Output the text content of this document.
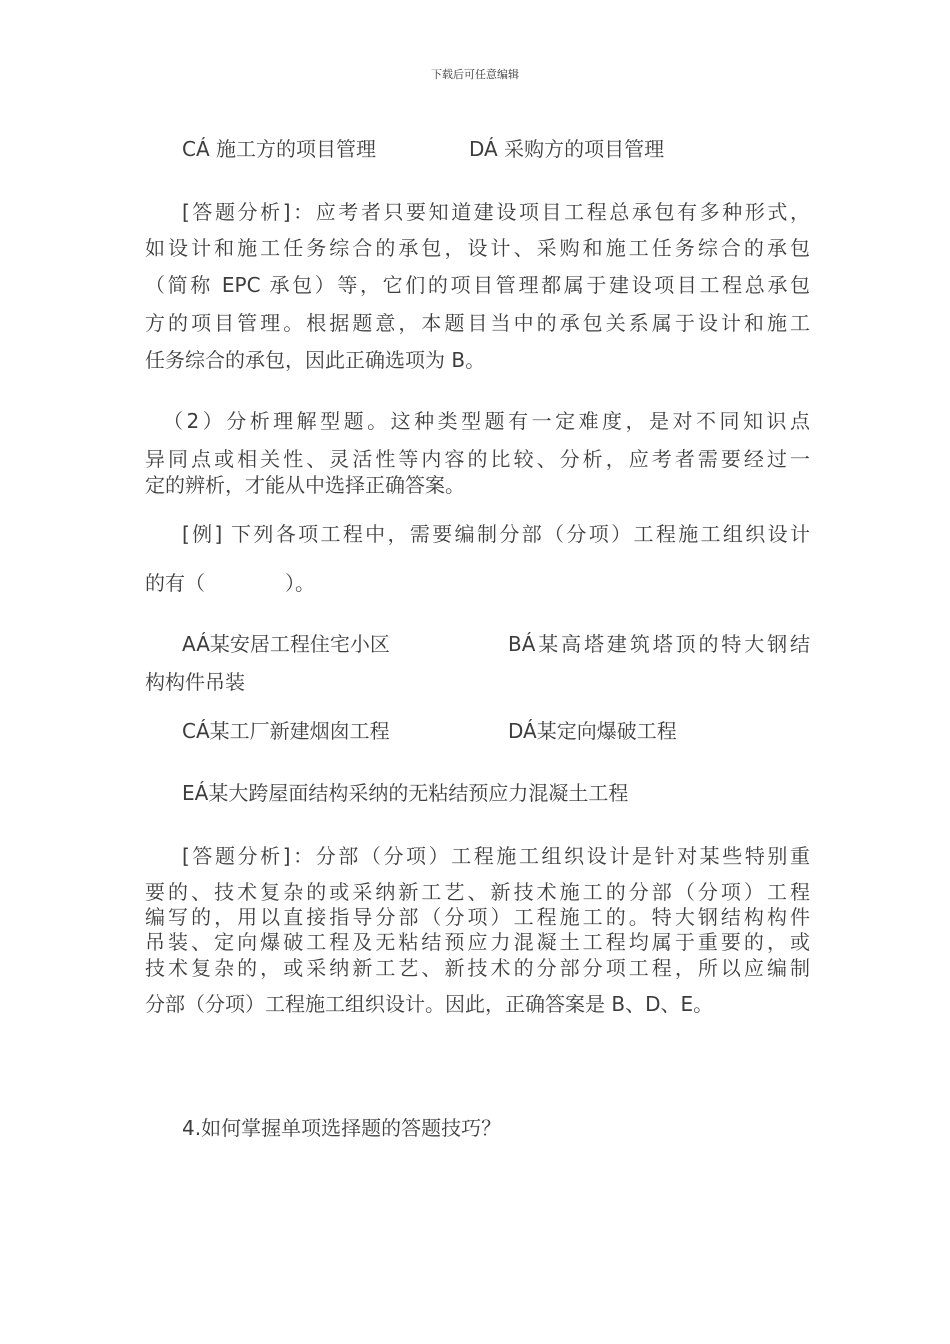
下载后可任意编辑
CÁ 施工方的项目管理	DÁ 采购方的项目管理
[答题分析]：应考者只要知道建设项目工程总承包有多种形式，
如设计和施工任务综合的承包，设计、采购和施工任务综合的承包
（简称 EPC 承包）等，它们的项目管理都属于建设项目工程总承包
方的项目管理。根据题意，本题目当中的承包关系属于设计和施工
任务综合的承包，因此正确选项为 B。
（2）分析理解型题。这种类型题有一定难度，是对不同知识点
异同点或相关性、灵活性等内容的比较、分析，应考者需要经过一
定的辨析，才能从中选择正确答案。
[例] 下列各项工程中，需要编制分部（分项）工程施工组织设计
的有（　　　　）。
AÁ某安居工程住宅小区	BÁ某高塔建筑塔顶的特大钢结
构构件吊装
CÁ某工厂新建烟囱工程	DÁ某定向爆破工程
EÁ某大跨屋面结构采纳的无粘结预应力混凝土工程
[答题分析]：分部（分项）工程施工组织设计是针对某些特别重
要的、技术复杂的或采纳新工艺、新技术施工的分部（分项）工程
编写的，用以直接指导分部（分项）工程施工的。特大钢结构构件
吊装、定向爆破工程及无粘结预应力混凝土工程均属于重要的，或
技术复杂的，或采纳新工艺、新技术的分部分项工程，所以应编制
分部（分项）工程施工组织设计。因此，正确答案是 B、D、E。
4.如何掌握单项选择题的答题技巧？
